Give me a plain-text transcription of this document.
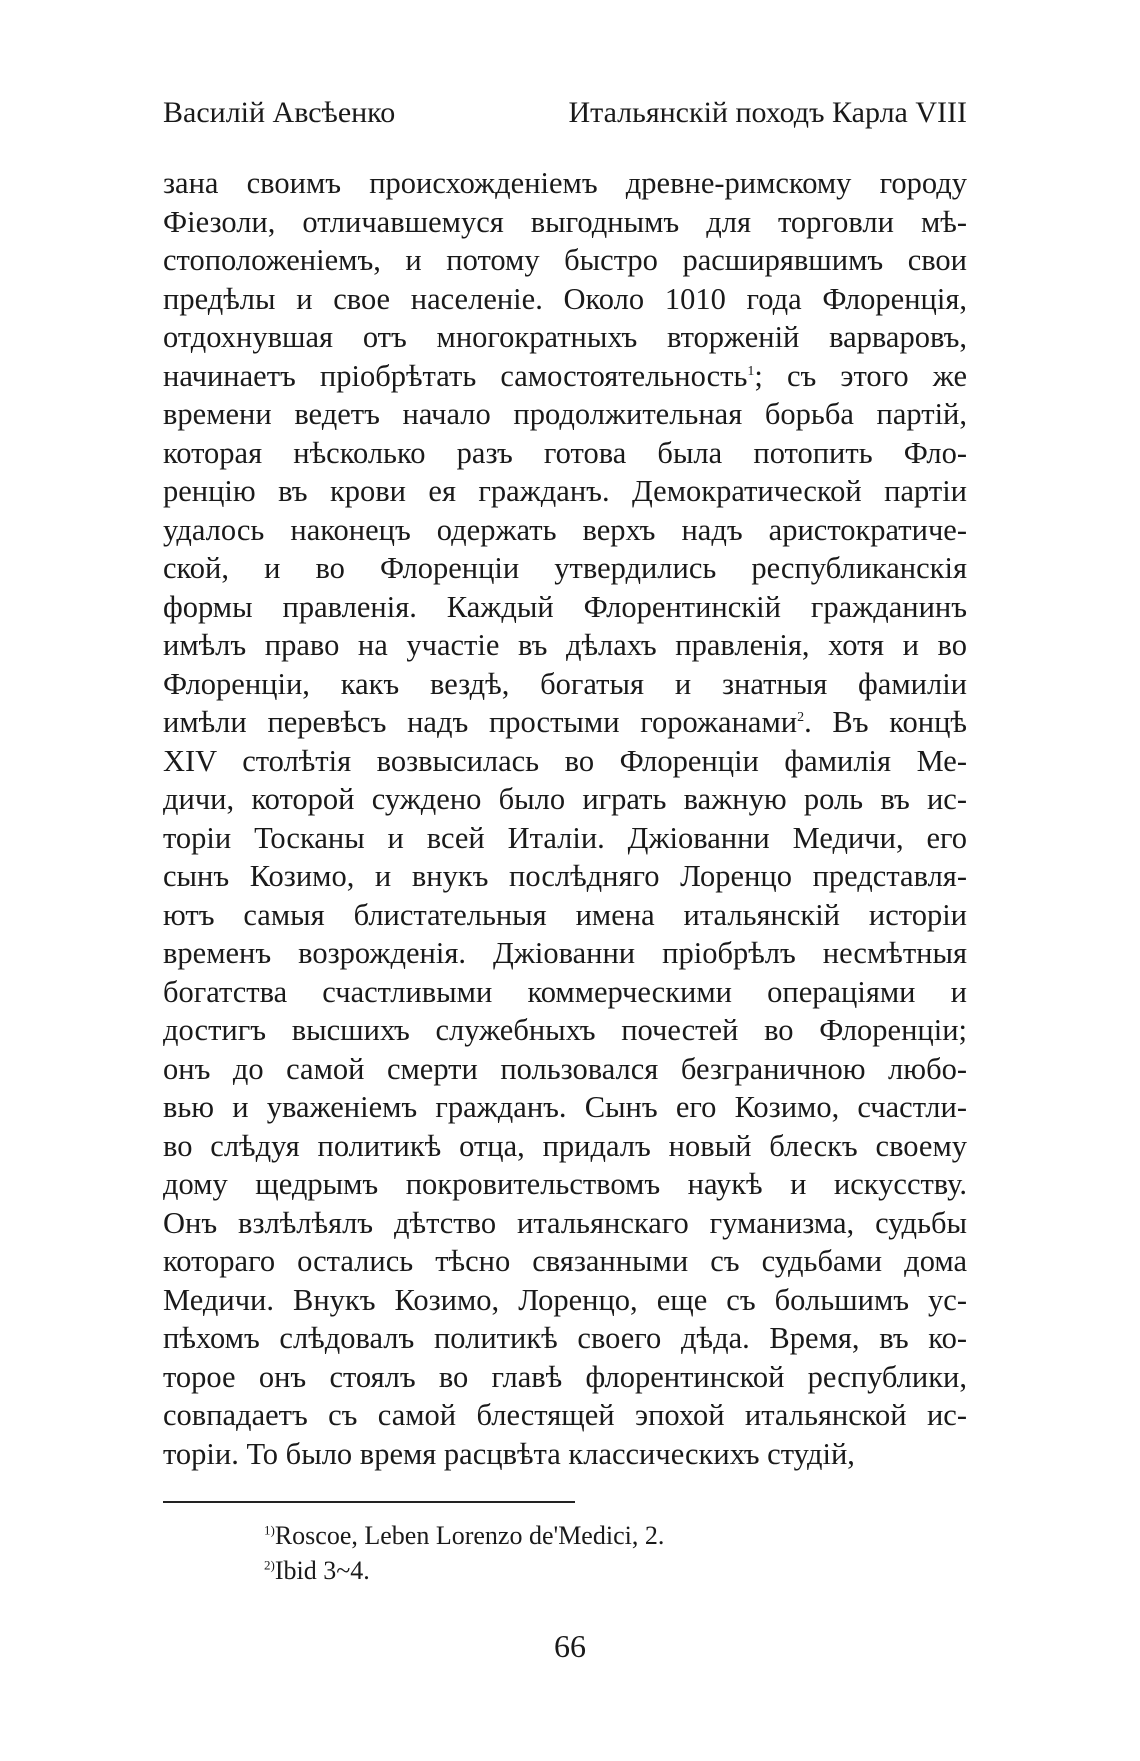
Василій Авсѣенко	Итальянскій походъ Карла VIII
зана своимъ происхожденіемъ древне-римскому городу
Фіезоли, отличавшемуся выгоднымъ для торговли мѣ-
стоположеніемъ, и потому быстро расширявшимъ свои
предѣлы и свое населеніе. Около 1010 года Флоренція,
отдохнувшая отъ многократныхъ вторженій варваровъ,
начинаетъ пріобрѣтать самостоятельность$^1$; съ этого же
времени ведетъ начало продолжительная борьба партій,
которая нѣсколько разъ готова была потопить Фло-
ренцію въ крови ея гражданъ. Демократической партіи
удалось наконецъ одержать верхъ надъ аристократиче-
ской, и во Флоренціи утвердились республиканскія
формы правленія. Каждый Флорентинскій гражданинъ
имѣлъ право на участіе въ дѣлахъ правленія, хотя и во
Флоренціи, какъ вездѣ, богатыя и знатныя фамиліи
имѣли перевѣсъ надъ простыми горожанами$^2$. Въ концѣ
XIV столѣтія возвысилась во Флоренціи фамилія Ме-
дичи, которой суждено было играть важную роль въ ис-
торіи Тосканы и всей Италіи. Джіованни Медичи, его
сынъ Козимо, и внукъ послѣдняго Лоренцо представля-
ютъ самыя блистательныя имена итальянскій исторіи
временъ возрожденія. Джіованни пріобрѣлъ несмѣтныя
богатства счастливыми коммерческими операціями и
достигъ высшихъ служебныхъ почестей во Флоренціи;
онъ до самой смерти пользовался безграничною любо-
вью и уваженіемъ гражданъ. Сынъ его Козимо, счастли-
во слѣдуя политикѣ отца, придалъ новый блескъ своему
дому щедрымъ покровительствомъ наукѣ и искусству.
Онъ взлѣлѣялъ дѣтство итальянскаго гуманизма, судьбы
котораго остались тѣсно связанными съ судьбами дома
Медичи. Внукъ Козимо, Лоренцо, еще съ большимъ ус-
пѣхомъ слѣдовалъ политикѣ своего дѣда. Время, въ ко-
торое онъ стоялъ во главѣ флорентинской республики,
совпадаетъ съ самой блестящей эпохой итальянской ис-
торіи. То было время расцвѣта классическихъ студій,
$^{1)}$Roscoe, Leben Lorenzo de'Medici, 2.
$^{2)}$Ibid 3~4.
66
